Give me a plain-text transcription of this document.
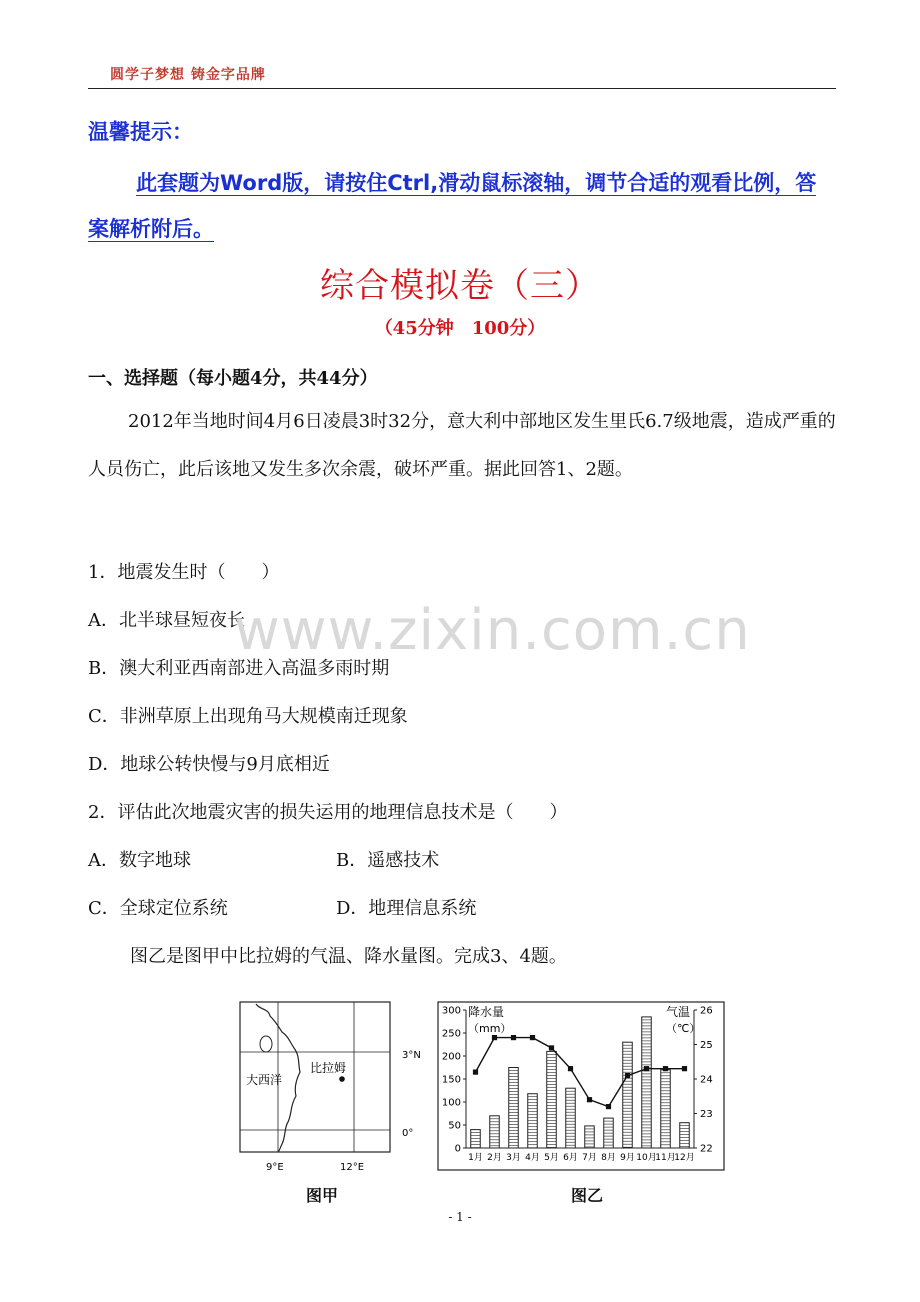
圆学子梦想 铸金字品牌
温馨提示：
此套题为Word版，请按住Ctrl,滑动鼠标滚轴，调节合适的观看比例，答案解析附后。
综合模拟卷（三）
（45分钟　100分）
一、选择题（每小题4分，共44分）
2012年当地时间4月6日凌晨3时32分，意大利中部地区发生里氏6.7级地震，造成严重的人员伤亡，此后该地又发生多次余震，破坏严重。据此回答1、2题。
1．地震发生时（　　）
A．北半球昼短夜长
B．澳大利亚西南部进入高温多雨时期
C．非洲草原上出现角马大规模南迁现象
D．地球公转快慢与9月底相近
2．评估此次地震灾害的损失运用的地理信息技术是（　　）
A．数字地球	B．遥感技术
C．全球定位系统	D．地理信息系统
图乙是图甲中比拉姆的气温、降水量图。完成3、4题。
www.zixin.com.cn
大西洋
比拉姆
3°N
0°
9°E	12°E
图甲
降水量
（mm）
气温
（℃）
0
50
100
150
200
250
300
22
23
24
25
26
1月 2月 3月 4月 5月 6月 7月 8月 9月 10月
11月
12月
图乙
- 1 -
